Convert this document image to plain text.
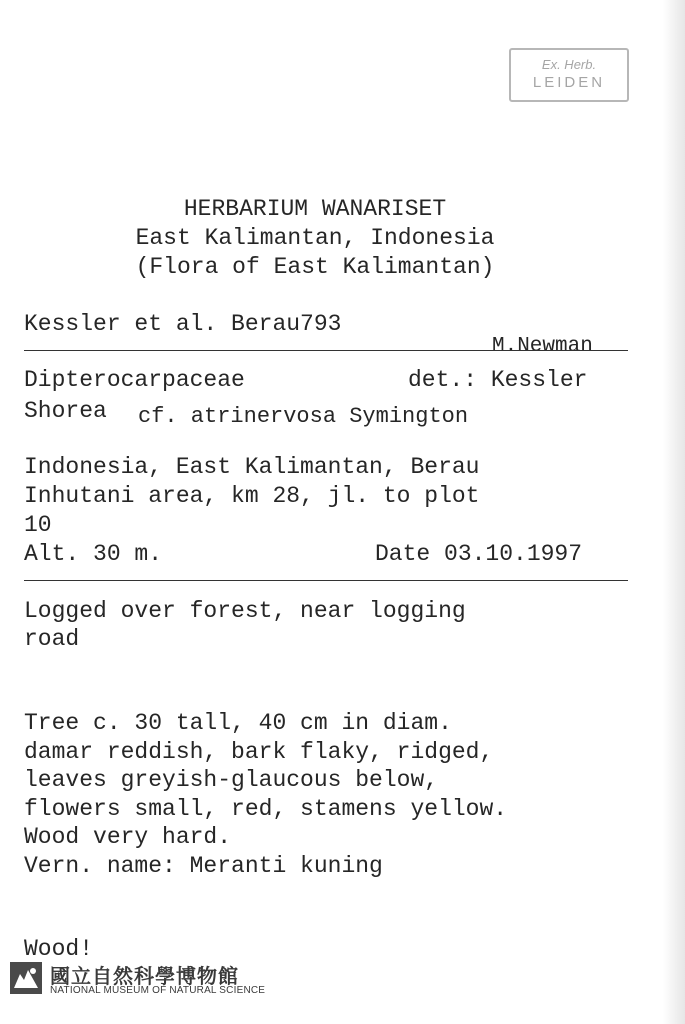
Ex. Herb.
LEIDEN
HERBARIUM WANARISET
East Kalimantan, Indonesia
(Flora of East Kalimantan)
Kessler et al. Berau793
M.Newman
Dipterocarpaceae	det.: Kessler
Shorea cf. atrinervosa Symington
Indonesia, East Kalimantan, Berau
Inhutani area, km 28, jl. to plot
10
Alt. 30 m.	Date 03.10.1997
Logged over forest, near logging
road
Tree c. 30 tall, 40 cm in diam.
damar reddish, bark flaky, ridged,
leaves greyish-glaucous below,
flowers small, red, stamens yellow.
Wood very hard.
Vern. name: Meranti kuning
Wood!
國立自然科學博物館
NATIONAL MUSEUM OF NATURAL SCIENCE
